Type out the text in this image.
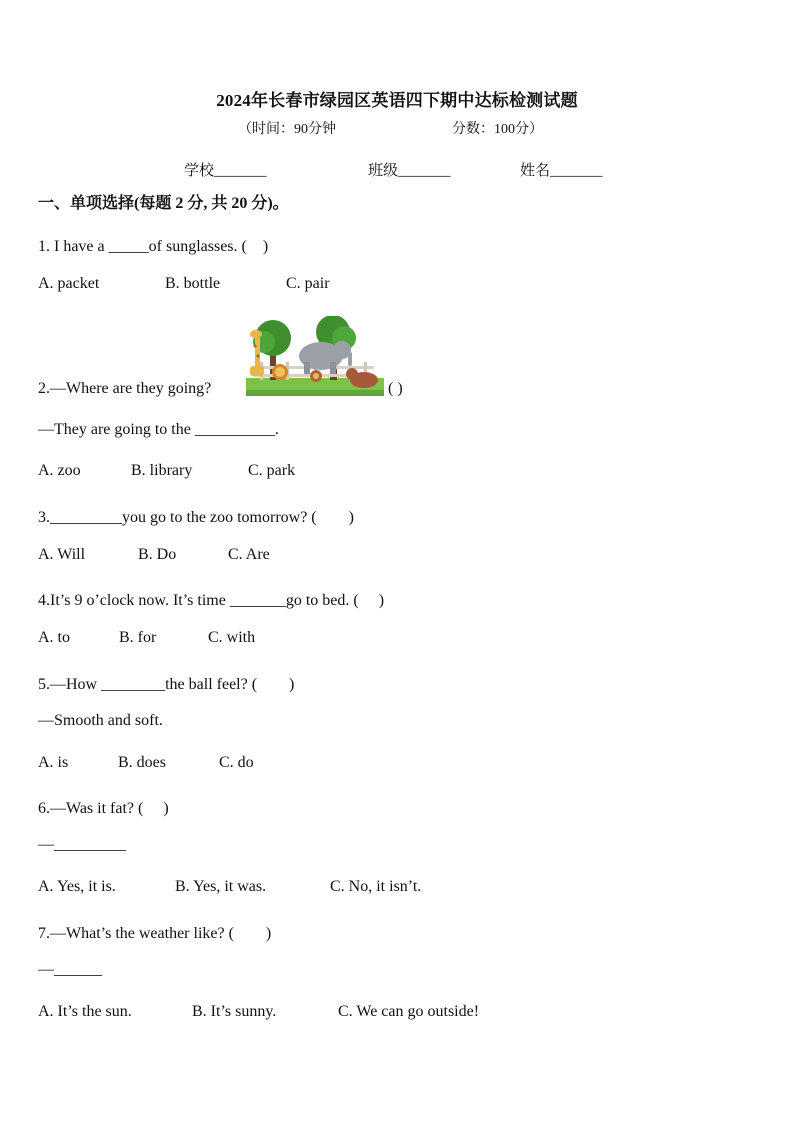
2024年长春市绿园区英语四下期中达标检测试题
（时间：90分钟	分数：100分）
学校_______	班级_______	姓名_______
一、单项选择(每题 2 分, 共 20 分)。
1. I have a _____of sunglasses. (　)
A. packet	B. bottle	C. pair
2.—Where are they going?	( )
—They are going to the __________.
A. zoo	B. library	C. park
3._________you go to the zoo tomorrow? (　　)
A. Will	B. Do	C. Are
4.It’s 9 o’clock now. It’s time _______go to bed. (　 )
A. to	B. for	C. with
5.—How ________the ball feel? (　　)
—Smooth and soft.
A. is	B. does	C. do
6.—Was it fat? (　 )
—_________
A. Yes, it is.	B. Yes, it was.	C. No, it isn’t.
7.—What’s the weather like? (　　)
—______
A. It’s the sun.	B. It’s sunny.	C. We can go outside!
